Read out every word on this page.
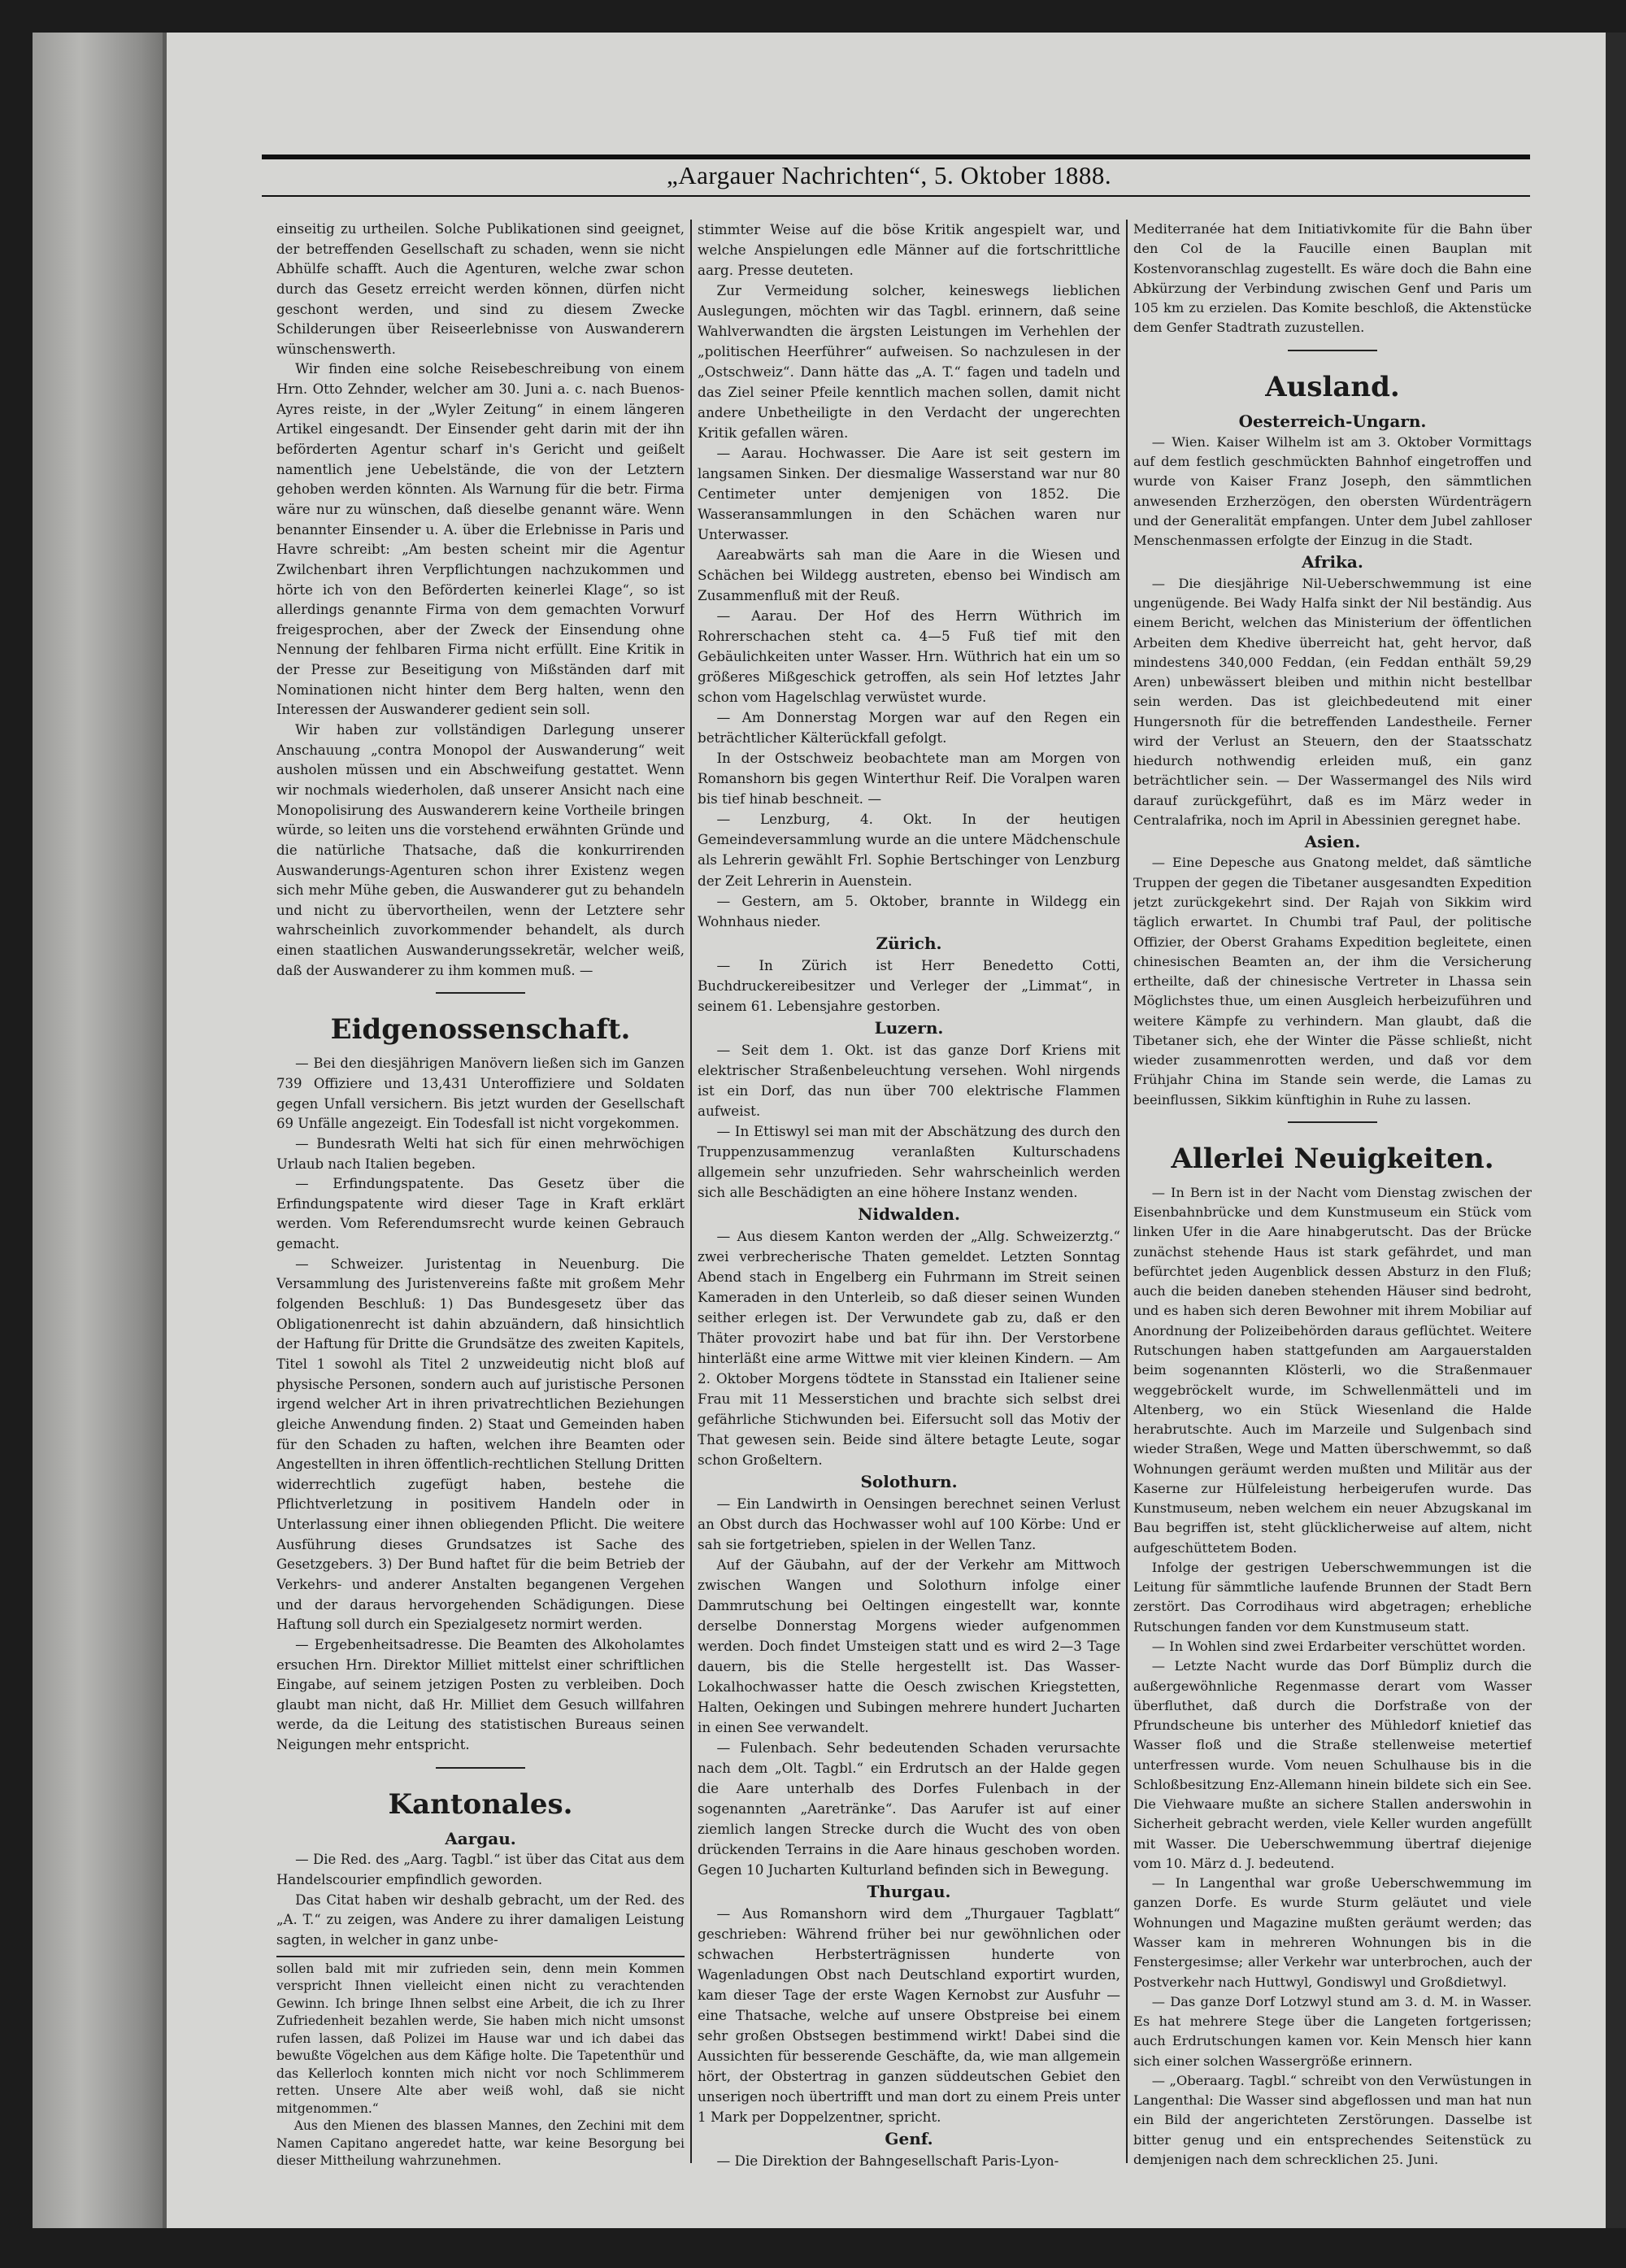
„Aargauer Nachrichten“, 5. Oktober 1888.

einseitig zu urtheilen. Solche Publikationen sind geeignet, der betreffenden Gesellschaft zu schaden, wenn sie nicht Abhülfe schafft. Auch die Agenturen, welche zwar schon durch das Gesetz erreicht werden können, dürfen nicht geschont werden, und sind zu diesem Zwecke Schilderungen über Reiseerlebnisse von Auswanderern wünschenswerth.

Wir finden eine solche Reisebeschreibung von einem Hrn. Otto Zehnder, welcher am 30. Juni a. c. nach Buenos-Ayres reiste, in der „Wyler Zeitung“ in einem längeren Artikel eingesandt. Der Einsender geht darin mit der ihn beförderten Agentur scharf in's Gericht und geißelt namentlich jene Uebelstände, die von der Letztern gehoben werden könnten. Als Warnung für die betr. Firma wäre nur zu wünschen, daß dieselbe genannt wäre. Wenn benannter Einsender u. A. über die Erlebnisse in Paris und Havre schreibt: „Am besten scheint mir die Agentur Zwilchenbart ihren Verpflichtungen nachzukommen und hörte ich von den Beförderten keinerlei Klage“, so ist allerdings genannte Firma von dem gemachten Vorwurf freigesprochen, aber der Zweck der Einsendung ohne Nennung der fehlbaren Firma nicht erfüllt. Eine Kritik in der Presse zur Beseitigung von Mißständen darf mit Nominationen nicht hinter dem Berg halten, wenn den Interessen der Auswanderer gedient sein soll.

Wir haben zur vollständigen Darlegung unserer Anschauung „contra Monopol der Auswanderung“ weit ausholen müssen und ein Abschweifung gestattet. Wenn wir nochmals wiederholen, daß unserer Ansicht nach eine Monopolisirung des Auswanderern keine Vortheile bringen würde, so leiten uns die vorstehend erwähnten Gründe und die natürliche Thatsache, daß die konkurrirenden Auswanderungs-Agenturen schon ihrer Existenz wegen sich mehr Mühe geben, die Auswanderer gut zu behandeln und nicht zu übervortheilen, wenn der Letztere sehr wahrscheinlich zuvorkommender behandelt, als durch einen staatlichen Auswanderungssekretär, welcher weiß, daß der Auswanderer zu ihm kommen muß. —

Eidgenossenschaft.

— Bei den diesjährigen Manövern ließen sich im Ganzen 739 Offiziere und 13,431 Unteroffiziere und Soldaten gegen Unfall versichern. Bis jetzt wurden der Gesellschaft 69 Unfälle angezeigt. Ein Todesfall ist nicht vorgekommen.

— Bundesrath Welti hat sich für einen mehrwöchigen Urlaub nach Italien begeben.

— Erfindungspatente. Das Gesetz über die Erfindungspatente wird dieser Tage in Kraft erklärt werden. Vom Referendumsrecht wurde keinen Gebrauch gemacht.

— Schweizer. Juristentag in Neuenburg. Die Versammlung des Juristenvereins faßte mit großem Mehr folgenden Beschluß: 1) Das Bundesgesetz über das Obligationenrecht ist dahin abzuändern, daß hinsichtlich der Haftung für Dritte die Grundsätze des zweiten Kapitels, Titel 1 sowohl als Titel 2 unzweideutig nicht bloß auf physische Personen, sondern auch auf juristische Personen irgend welcher Art in ihren privatrechtlichen Beziehungen gleiche Anwendung finden. 2) Staat und Gemeinden haben für den Schaden zu haften, welchen ihre Beamten oder Angestellten in ihren öffentlich-rechtlichen Stellung Dritten widerrechtlich zugefügt haben, bestehe die Pflichtverletzung in positivem Handeln oder in Unterlassung einer ihnen obliegenden Pflicht. Die weitere Ausführung dieses Grundsatzes ist Sache des Gesetzgebers. 3) Der Bund haftet für die beim Betrieb der Verkehrs- und anderer Anstalten begangenen Vergehen und der daraus hervorgehenden Schädigungen. Diese Haftung soll durch ein Spezialgesetz normirt werden.

— Ergebenheitsadresse. Die Beamten des Alkoholamtes ersuchen Hrn. Direktor Milliet mittelst einer schriftlichen Eingabe, auf seinem jetzigen Posten zu verbleiben. Doch glaubt man nicht, daß Hr. Milliet dem Gesuch willfahren werde, da die Leitung des statistischen Bureaus seinen Neigungen mehr entspricht.

Kantonales.
Aargau.

— Die Red. des „Aarg. Tagbl.“ ist über das Citat aus dem Handelscourier empfindlich geworden.

Das Citat haben wir deshalb gebracht, um der Red. des „A. T.“ zu zeigen, was Andere zu ihrer damaligen Leistung sagten, in welcher in ganz unbe-

sollen bald mit mir zufrieden sein, denn mein Kommen verspricht Ihnen vielleicht einen nicht zu verachtenden Gewinn. Ich bringe Ihnen selbst eine Arbeit, die ich zu Ihrer Zufriedenheit bezahlen werde, Sie haben mich nicht umsonst rufen lassen, daß Polizei im Hause war und ich dabei das bewußte Vögelchen aus dem Käfige holte. Die Tapetenthür und das Kellerloch konnten mich nicht vor noch Schlimmerem retten. Unsere Alte aber weiß wohl, daß sie nicht mitgenommen.“

Aus den Mienen des blassen Mannes, den Zechini mit dem Namen Capitano angeredet hatte, war keine Besorgung bei dieser Mittheilung wahrzunehmen.

stimmter Weise auf die böse Kritik angespielt war, und welche Anspielungen edle Männer auf die fortschrittliche aarg. Presse deuteten.

Zur Vermeidung solcher, keineswegs lieblichen Auslegungen, möchten wir das Tagbl. erinnern, daß seine Wahlverwandten die ärgsten Leistungen im Verhehlen der „politischen Heerführer“ aufweisen. So nachzulesen in der „Ostschweiz“. Dann hätte das „A. T.“ fagen und tadeln und das Ziel seiner Pfeile kenntlich machen sollen, damit nicht andere Unbetheiligte in den Verdacht der ungerechten Kritik gefallen wären.

— Aarau. Hochwasser. Die Aare ist seit gestern im langsamen Sinken. Der diesmalige Wasserstand war nur 80 Centimeter unter demjenigen von 1852. Die Wasseransammlungen in den Schächen waren nur Unterwasser.

Aareabwärts sah man die Aare in die Wiesen und Schächen bei Wildegg austreten, ebenso bei Windisch am Zusammenfluß mit der Reuß.

— Aarau. Der Hof des Herrn Wüthrich im Rohrerschachen steht ca. 4—5 Fuß tief mit den Gebäulichkeiten unter Wasser. Hrn. Wüthrich hat ein um so größeres Mißgeschick getroffen, als sein Hof letztes Jahr schon vom Hagelschlag verwüstet wurde.

— Am Donnerstag Morgen war auf den Regen ein beträchtlicher Kälterückfall gefolgt.

In der Ostschweiz beobachtete man am Morgen von Romanshorn bis gegen Winterthur Reif. Die Voralpen waren bis tief hinab beschneit. —

— Lenzburg, 4. Okt. In der heutigen Gemeindeversammlung wurde an die untere Mädchenschule als Lehrerin gewählt Frl. Sophie Bertschinger von Lenzburg der Zeit Lehrerin in Auenstein.

— Gestern, am 5. Oktober, brannte in Wildegg ein Wohnhaus nieder.

Zürich.

— In Zürich ist Herr Benedetto Cotti, Buchdruckereibesitzer und Verleger der „Limmat“, in seinem 61. Lebensjahre gestorben.

Luzern.

— Seit dem 1. Okt. ist das ganze Dorf Kriens mit elektrischer Straßenbeleuchtung versehen. Wohl nirgends ist ein Dorf, das nun über 700 elektrische Flammen aufweist.

— In Ettiswyl sei man mit der Abschätzung des durch den Truppenzusammenzug veranlaßten Kulturschadens allgemein sehr unzufrieden. Sehr wahrscheinlich werden sich alle Beschädigten an eine höhere Instanz wenden.

Nidwalden.

— Aus diesem Kanton werden der „Allg. Schweizerztg.“ zwei verbrecherische Thaten gemeldet. Letzten Sonntag Abend stach in Engelberg ein Fuhrmann im Streit seinen Kameraden in den Unterleib, so daß dieser seinen Wunden seither erlegen ist. Der Verwundete gab zu, daß er den Thäter provozirt habe und bat für ihn. Der Verstorbene hinterläßt eine arme Wittwe mit vier kleinen Kindern. — Am 2. Oktober Morgens tödtete in Stansstad ein Italiener seine Frau mit 11 Messerstichen und brachte sich selbst drei gefährliche Stichwunden bei. Eifersucht soll das Motiv der That gewesen sein. Beide sind ältere betagte Leute, sogar schon Großeltern.

Solothurn.

— Ein Landwirth in Oensingen berechnet seinen Verlust an Obst durch das Hochwasser wohl auf 100 Körbe: Und er sah sie fortgetrieben, spielen in der Wellen Tanz.

Auf der Gäubahn, auf der der Verkehr am Mittwoch zwischen Wangen und Solothurn infolge einer Dammrutschung bei Oeltingen eingestellt war, konnte derselbe Donnerstag Morgens wieder aufgenommen werden. Doch findet Umsteigen statt und es wird 2—3 Tage dauern, bis die Stelle hergestellt ist. Das Wasser-Lokalhochwasser hatte die Oesch zwischen Kriegstetten, Halten, Oekingen und Subingen mehrere hundert Jucharten in einen See verwandelt.

— Fulenbach. Sehr bedeutenden Schaden verursachte nach dem „Olt. Tagbl.“ ein Erdrutsch an der Halde gegen die Aare unterhalb des Dorfes Fulenbach in der sogenannten „Aaretränke“. Das Aarufer ist auf einer ziemlich langen Strecke durch die Wucht des von oben drückenden Terrains in die Aare hinaus geschoben worden. Gegen 10 Jucharten Kulturland befinden sich in Bewegung.

Thurgau.

— Aus Romanshorn wird dem „Thurgauer Tagblatt“ geschrieben: Während früher bei nur gewöhnlichen oder schwachen Herbsterträgnissen hunderte von Wagenladungen Obst nach Deutschland exportirt wurden, kam dieser Tage der erste Wagen Kernobst zur Ausfuhr — eine Thatsache, welche auf unsere Obstpreise bei einem sehr großen Obstsegen bestimmend wirkt! Dabei sind die Aussichten für besserende Geschäfte, da, wie man allgemein hört, der Obstertrag in ganzen süddeutschen Gebiet den unserigen noch übertrifft und man dort zu einem Preis unter 1 Mark per Doppelzentner, spricht.

Genf.

— Die Direktion der Bahngesellschaft Paris-Lyon-

Mediterranée hat dem Initiativkomite für die Bahn über den Col de la Faucille einen Bauplan mit Kostenvoranschlag zugestellt. Es wäre doch die Bahn eine Abkürzung der Verbindung zwischen Genf und Paris um 105 km zu erzielen. Das Komite beschloß, die Aktenstücke dem Genfer Stadtrath zuzustellen.

Ausland.
Oesterreich-Ungarn.

— Wien. Kaiser Wilhelm ist am 3. Oktober Vormittags auf dem festlich geschmückten Bahnhof eingetroffen und wurde von Kaiser Franz Joseph, den sämmtlichen anwesenden Erzherzögen, den obersten Würdenträgern und der Generalität empfangen. Unter dem Jubel zahlloser Menschenmassen erfolgte der Einzug in die Stadt.

Afrika.

— Die diesjährige Nil-Ueberschwemmung ist eine ungenügende. Bei Wady Halfa sinkt der Nil beständig. Aus einem Bericht, welchen das Ministerium der öffentlichen Arbeiten dem Khedive überreicht hat, geht hervor, daß mindestens 340,000 Feddan, (ein Feddan enthält 59,29 Aren) unbewässert bleiben und mithin nicht bestellbar sein werden. Das ist gleichbedeutend mit einer Hungersnoth für die betreffenden Landestheile. Ferner wird der Verlust an Steuern, den der Staatsschatz hiedurch nothwendig erleiden muß, ein ganz beträchtlicher sein. — Der Wassermangel des Nils wird darauf zurückgeführt, daß es im März weder in Centralafrika, noch im April in Abessinien geregnet habe.

Asien.

— Eine Depesche aus Gnatong meldet, daß sämtliche Truppen der gegen die Tibetaner ausgesandten Expedition jetzt zurückgekehrt sind. Der Rajah von Sikkim wird täglich erwartet. In Chumbi traf Paul, der politische Offizier, der Oberst Grahams Expedition begleitete, einen chinesischen Beamten an, der ihm die Versicherung ertheilte, daß der chinesische Vertreter in Lhassa sein Möglichstes thue, um einen Ausgleich herbeizuführen und weitere Kämpfe zu verhindern. Man glaubt, daß die Tibetaner sich, ehe der Winter die Pässe schließt, nicht wieder zusammenrotten werden, und daß vor dem Frühjahr China im Stande sein werde, die Lamas zu beeinflussen, Sikkim künftighin in Ruhe zu lassen.

Allerlei Neuigkeiten.

— In Bern ist in der Nacht vom Dienstag zwischen der Eisenbahnbrücke und dem Kunstmuseum ein Stück vom linken Ufer in die Aare hinabgerutscht. Das der Brücke zunächst stehende Haus ist stark gefährdet, und man befürchtet jeden Augenblick dessen Absturz in den Fluß; auch die beiden daneben stehenden Häuser sind bedroht, und es haben sich deren Bewohner mit ihrem Mobiliar auf Anordnung der Polizeibehörden daraus geflüchtet. Weitere Rutschungen haben stattgefunden am Aargauerstalden beim sogenannten Klösterli, wo die Straßenmauer weggebröckelt wurde, im Schwellenmätteli und im Altenberg, wo ein Stück Wiesenland die Halde herabrutschte. Auch im Marzeile und Sulgenbach sind wieder Straßen, Wege und Matten überschwemmt, so daß Wohnungen geräumt werden mußten und Militär aus der Kaserne zur Hülfeleistung herbeigerufen wurde. Das Kunstmuseum, neben welchem ein neuer Abzugskanal im Bau begriffen ist, steht glücklicherweise auf altem, nicht aufgeschüttetem Boden.

Infolge der gestrigen Ueberschwemmungen ist die Leitung für sämmtliche laufende Brunnen der Stadt Bern zerstört. Das Corrodihaus wird abgetragen; erhebliche Rutschungen fanden vor dem Kunstmuseum statt.

— In Wohlen sind zwei Erdarbeiter verschüttet worden.

— Letzte Nacht wurde das Dorf Bümpliz durch die außergewöhnliche Regenmasse derart vom Wasser überfluthet, daß durch die Dorfstraße von der Pfrundscheune bis unterher des Mühledorf knietief das Wasser floß und die Straße stellenweise metertief unterfressen wurde. Vom neuen Schulhause bis in die Schloßbesitzung Enz-Allemann hinein bildete sich ein See. Die Viehwaare mußte an sichere Stallen anderswohin in Sicherheit gebracht werden, viele Keller wurden angefüllt mit Wasser. Die Ueberschwemmung übertraf diejenige vom 10. März d. J. bedeutend.

— In Langenthal war große Ueberschwemmung im ganzen Dorfe. Es wurde Sturm geläutet und viele Wohnungen und Magazine mußten geräumt werden; das Wasser kam in mehreren Wohnungen bis in die Fenstergesimse; aller Verkehr war unterbrochen, auch der Postverkehr nach Huttwyl, Gondiswyl und Großdietwyl.

— Das ganze Dorf Lotzwyl stund am 3. d. M. in Wasser. Es hat mehrere Stege über die Langeten fortgerissen; auch Erdrutschungen kamen vor. Kein Mensch hier kann sich einer solchen Wassergröße erinnern.

— „Oberaarg. Tagbl.“ schreibt von den Verwüstungen in Langenthal: Die Wasser sind abgeflossen und man hat nun ein Bild der angerichteten Zerstörungen. Dasselbe ist bitter genug und ein entsprechendes Seitenstück zu demjenigen nach dem schrecklichen 25. Juni.
